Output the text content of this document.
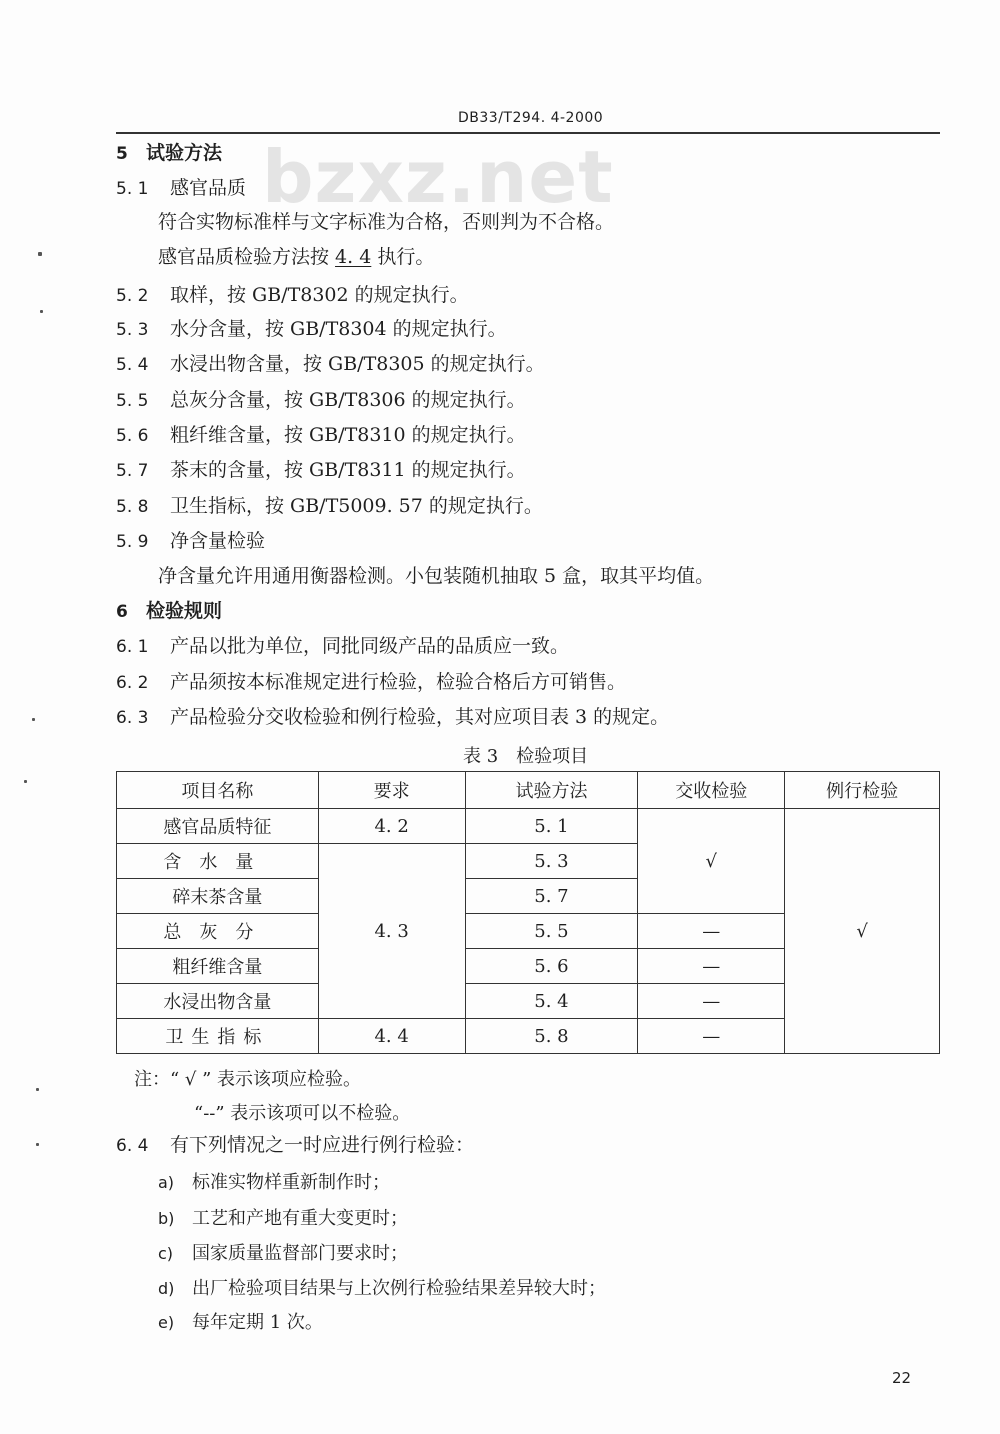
bzxz.net
DB33/T294. 4-2000
5 试验方法
5. 1 感官品质
符合实物标准样与文字标准为合格，否则判为不合格。
感官品质检验方法按 4. 4 执行。
5. 2 取样，按 GB/T8302 的规定执行。
5. 3 水分含量，按 GB/T8304 的规定执行。
5. 4 水浸出物含量，按 GB/T8305 的规定执行。
5. 5 总灰分含量，按 GB/T8306 的规定执行。
5. 6 粗纤维含量，按 GB/T8310 的规定执行。
5. 7 茶末的含量，按 GB/T8311 的规定执行。
5. 8 卫生指标，按 GB/T5009. 57 的规定执行。
5. 9 净含量检验
净含量允许用通用衡器检测。小包装随机抽取 5 盒，取其平均值。
6 检验规则
6. 1 产品以批为单位，同批同级产品的品质应一致。
6. 2 产品须按本标准规定进行检验，检验合格后方可销售。
6. 3 产品检验分交收检验和例行检验，其对应项目表 3 的规定。
表 3　检验项目
项目名称	要求	试验方法	交收检验	例行检验
感官品质特征	4. 2	5. 1	√	√
含水量	4. 3	5. 3		
碎末茶含量		5. 7		
总灰分		5. 5	—	
粗纤维含量		5. 6	—	
水浸出物含量		5. 4	—	
卫生指标	4. 4	5. 8	—	
注：“ √ ” 表示该项应检验。
“--” 表示该项可以不检验。
6. 4 有下列情况之一时应进行例行检验：
a) 标准实物样重新制作时；
b) 工艺和产地有重大变更时；
c) 国家质量监督部门要求时；
d) 出厂检验项目结果与上次例行检验结果差异较大时；
e) 每年定期 1 次。
22
